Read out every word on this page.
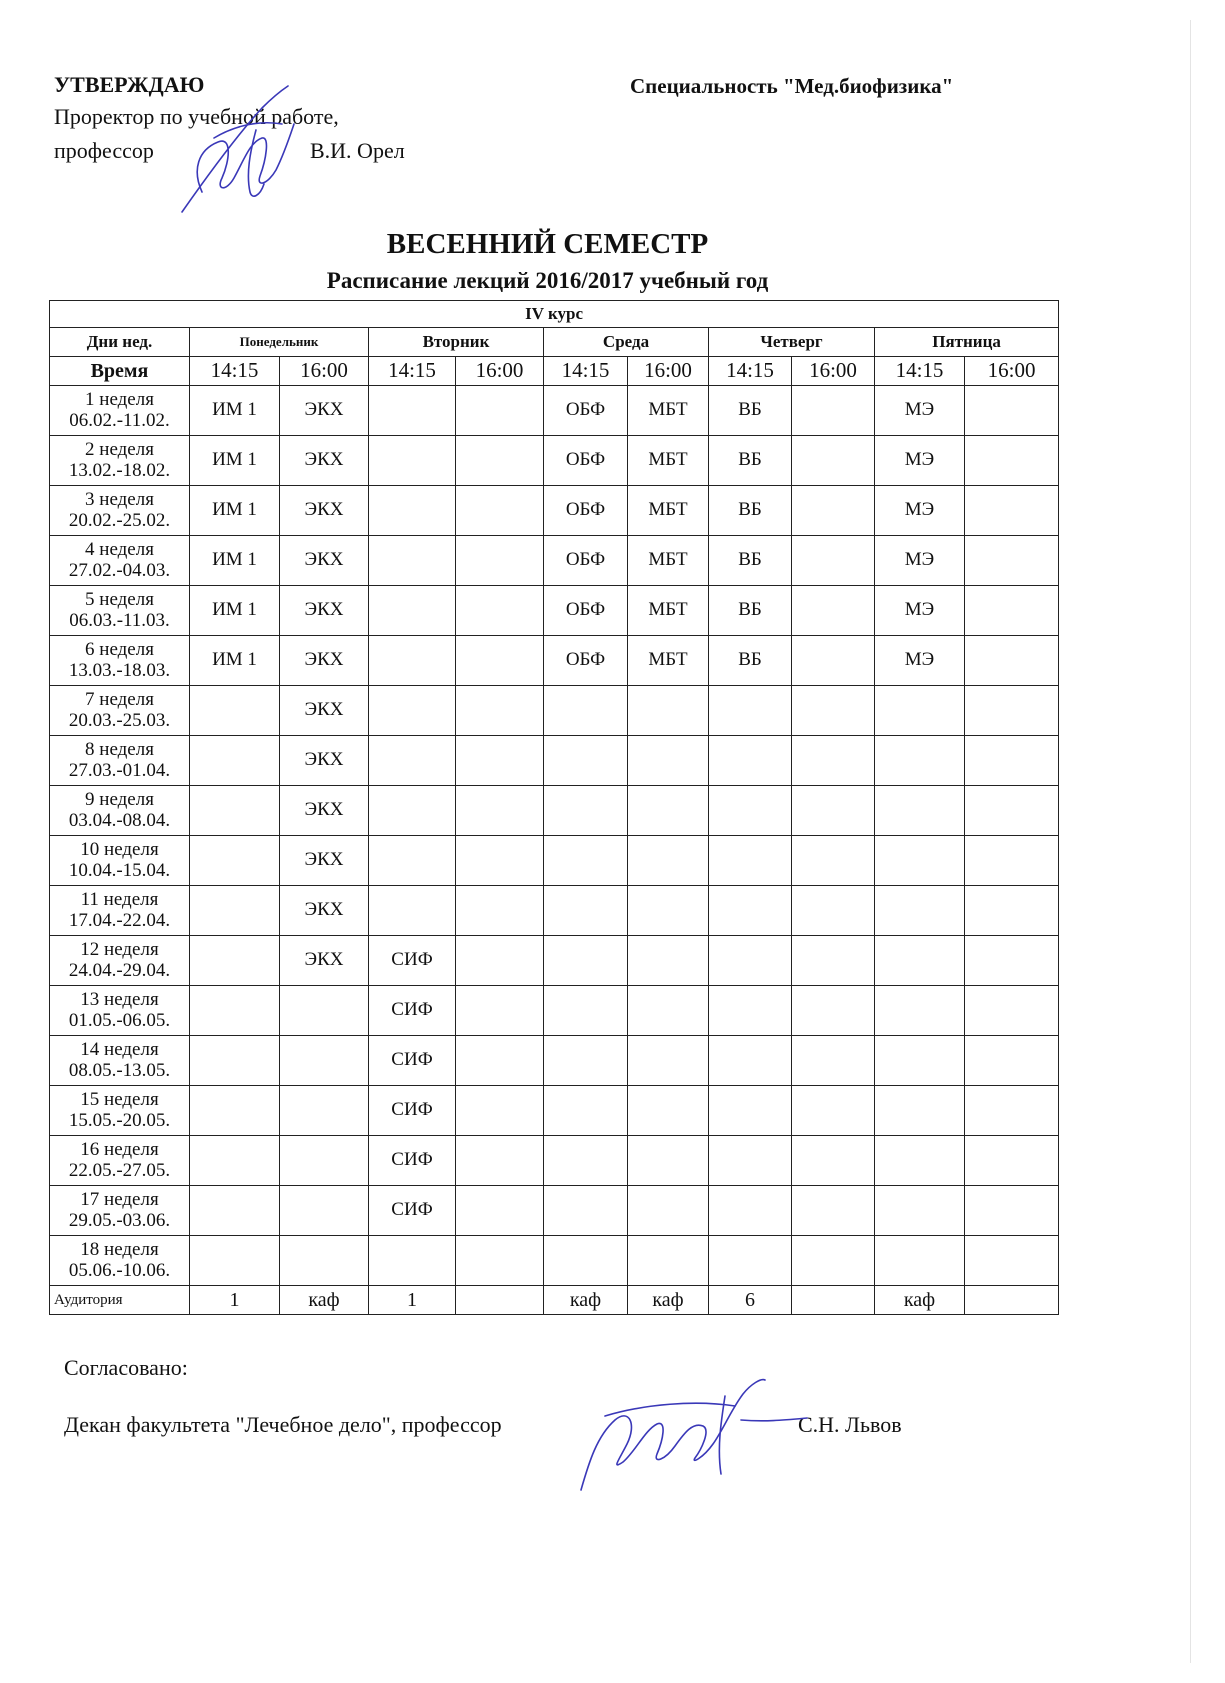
УТВЕРЖДАЮ
Проректор по учебной работе,
профессор	В.И. Орел
Специальность "Мед.биофизика"
ВЕСЕННИЙ СЕМЕСТР
Расписание лекций 2016/2017 учебный год
IV курс										
Дни нед.	Понедельник		Вторник		Среда		Четверг		Пятница	
Время	14:15	16:00	14:15	16:00	14:15	16:00	14:15	16:00	14:15	16:00

1 неделя
06.02.-11.02.	ИМ 1	ЭКХ			ОБФ	МБТ	ВБ		МЭ	

2 неделя
13.02.-18.02.	ИМ 1	ЭКХ			ОБФ	МБТ	ВБ		МЭ	

3 неделя
20.02.-25.02.	ИМ 1	ЭКХ			ОБФ	МБТ	ВБ		МЭ	

4 неделя
27.02.-04.03.	ИМ 1	ЭКХ			ОБФ	МБТ	ВБ		МЭ	

5 неделя
06.03.-11.03.	ИМ 1	ЭКХ			ОБФ	МБТ	ВБ		МЭ	

6 неделя
13.03.-18.03.	ИМ 1	ЭКХ			ОБФ	МБТ	ВБ		МЭ	

7 неделя
20.03.-25.03.		ЭКХ								

8 неделя
27.03.-01.04.		ЭКХ								

9 неделя
03.04.-08.04.		ЭКХ								

10 неделя
10.04.-15.04.		ЭКХ								

11 неделя
17.04.-22.04.		ЭКХ								

12 неделя
24.04.-29.04.		ЭКХ	СИФ							

13 неделя
01.05.-06.05.			СИФ							

14 неделя
08.05.-13.05.			СИФ							

15 неделя
15.05.-20.05.			СИФ							

16 неделя
22.05.-27.05.			СИФ							

17 неделя
29.05.-03.06.			СИФ							

18 неделя
05.06.-10.06.										

Аудитория	1	каф	1		каф	каф	6		каф	
Согласовано:
Декан факультета "Лечебное дело", профессор	С.Н. Львов
